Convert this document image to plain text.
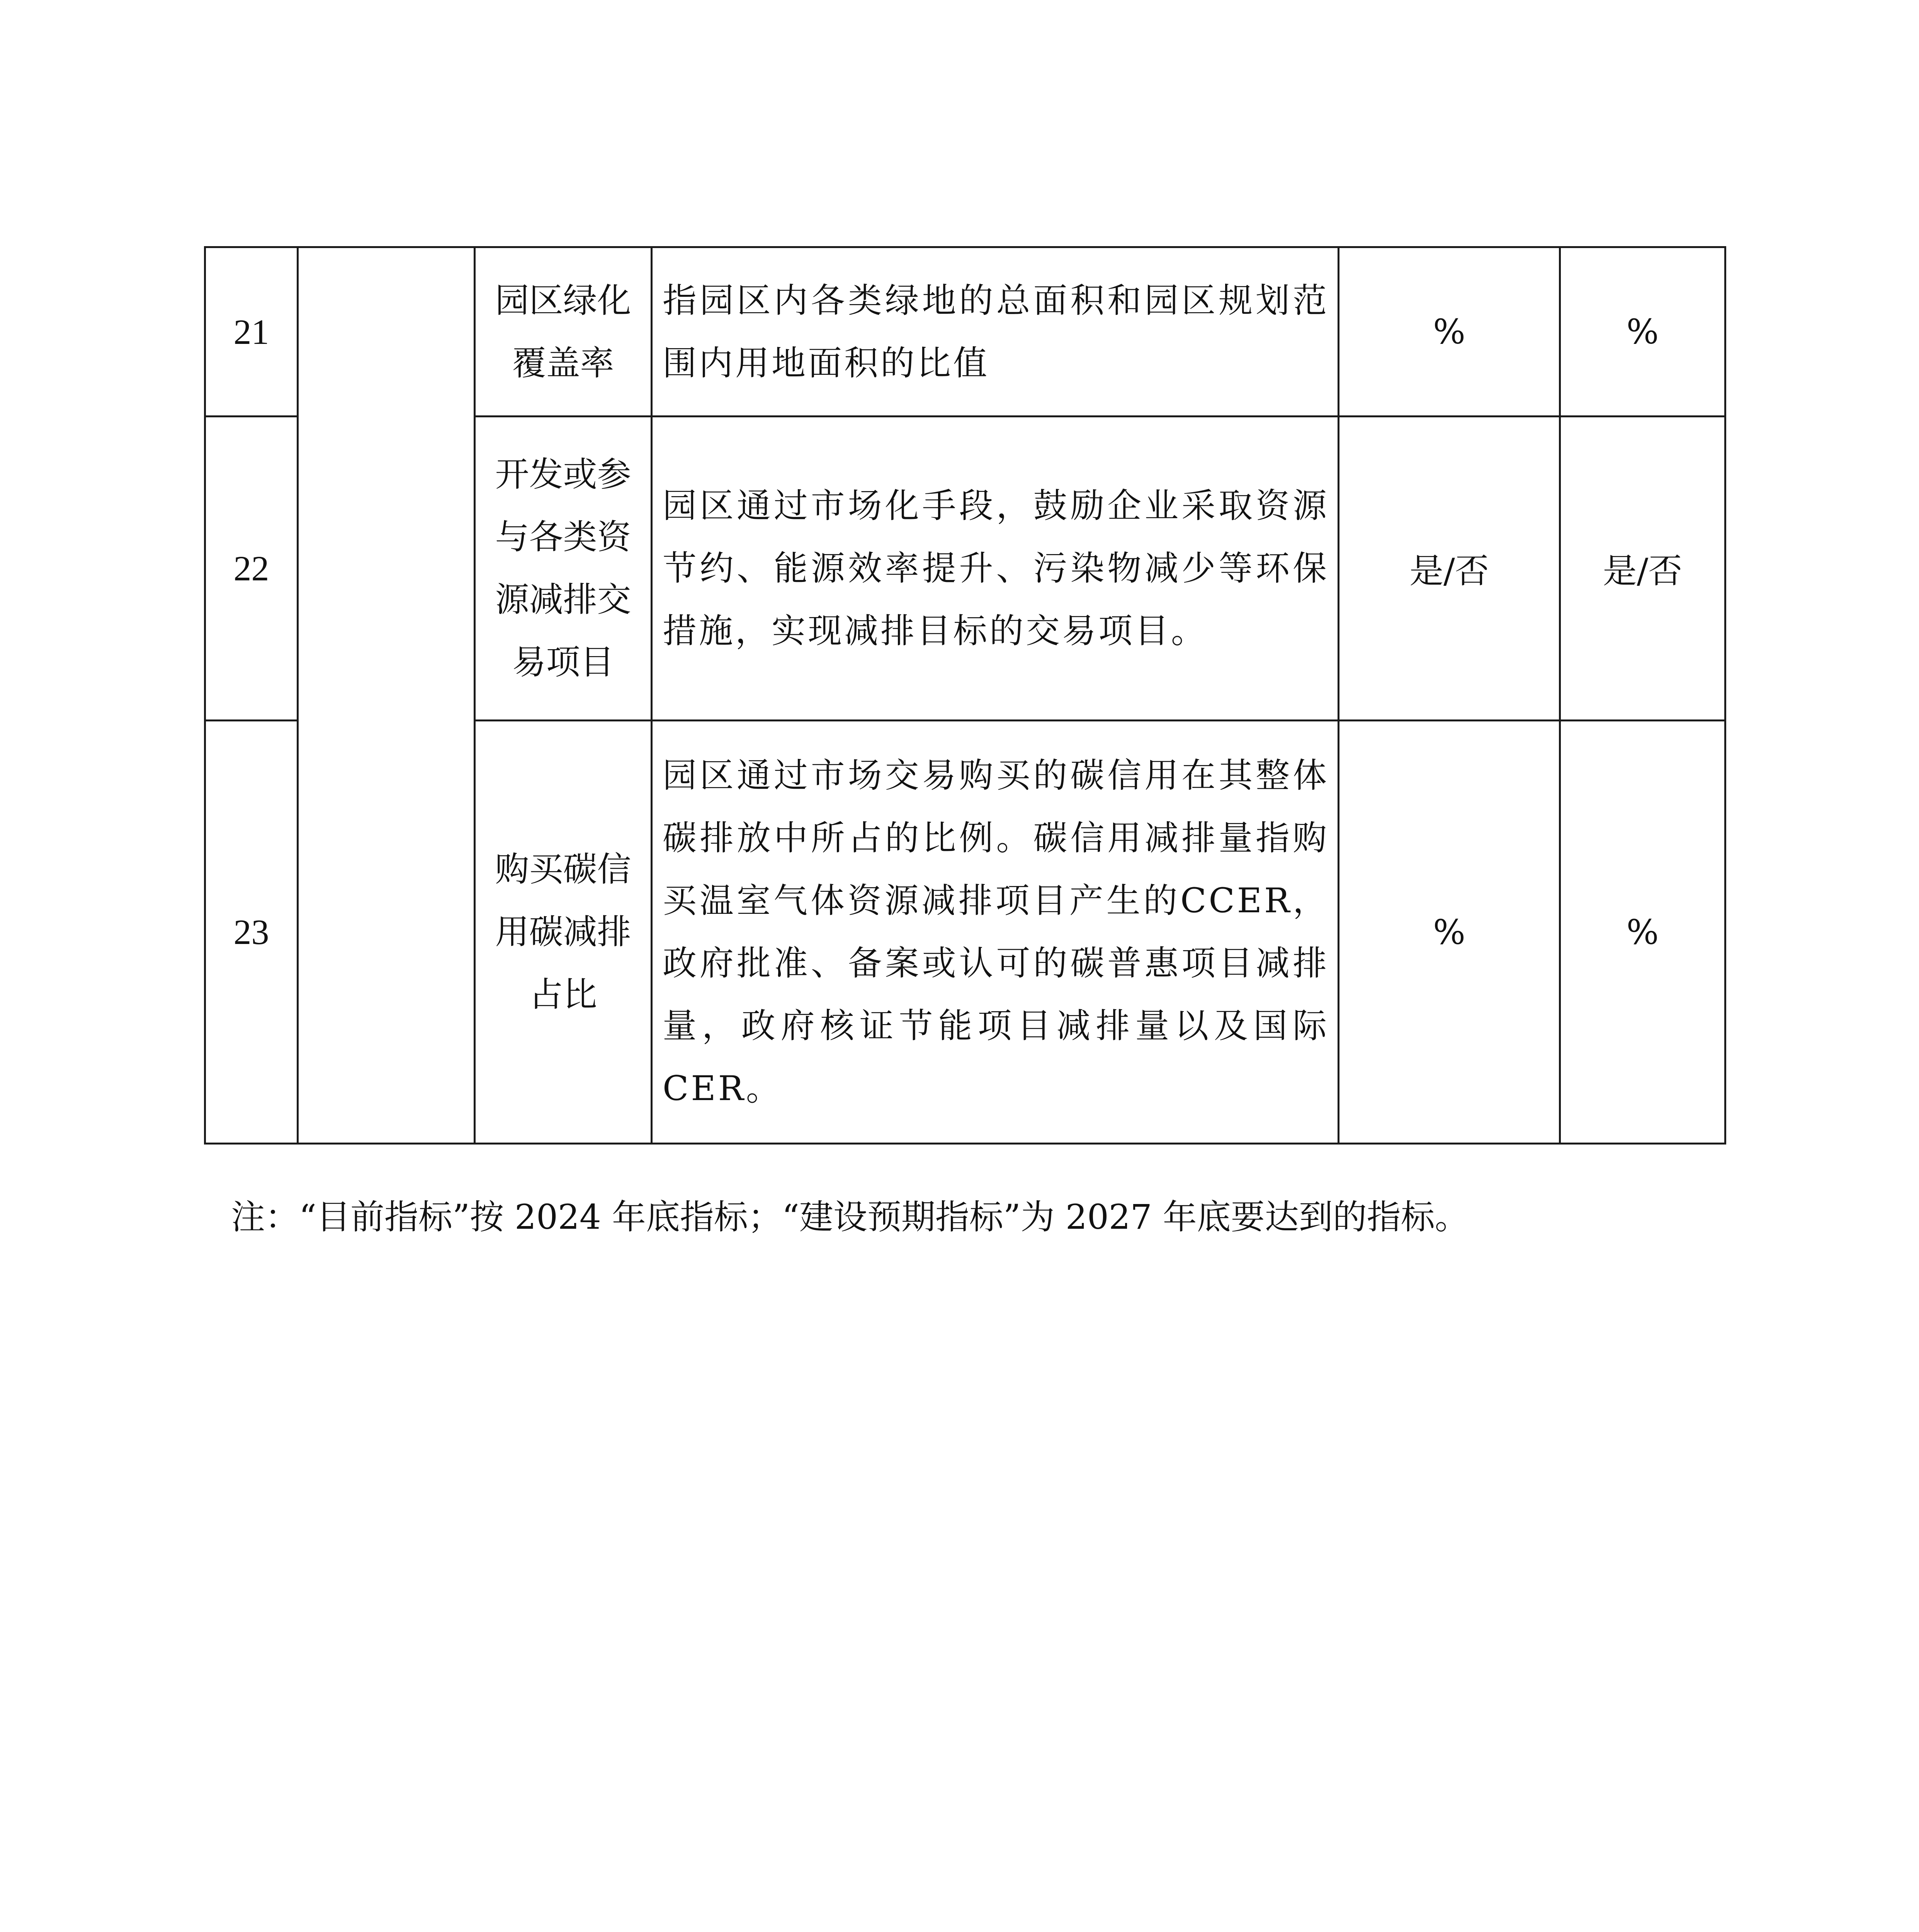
21		园区绿化覆盖率	指园区内各类绿地的总面积和园区规划范围内用地面积的比值	%	%
22		开发或参与各类资源减排交易项目	园区通过市场化手段，鼓励企业采取资源节约、能源效率提升、污染物减少等环保措施，实现减排目标的交易项目。	是/否	是/否
23		购买碳信用碳减排占比	园区通过市场交易购买的碳信用在其整体碳排放中所占的比例。碳信用减排量指购买温室气体资源减排项目产生的CCER，政府批准、备案或认可的碳普惠项目减排量，政府核证节能项目减排量以及国际 CER。	%	%
注：“目前指标”按 2024 年底指标；“建设预期指标”为 2027 年底要达到的指标。
